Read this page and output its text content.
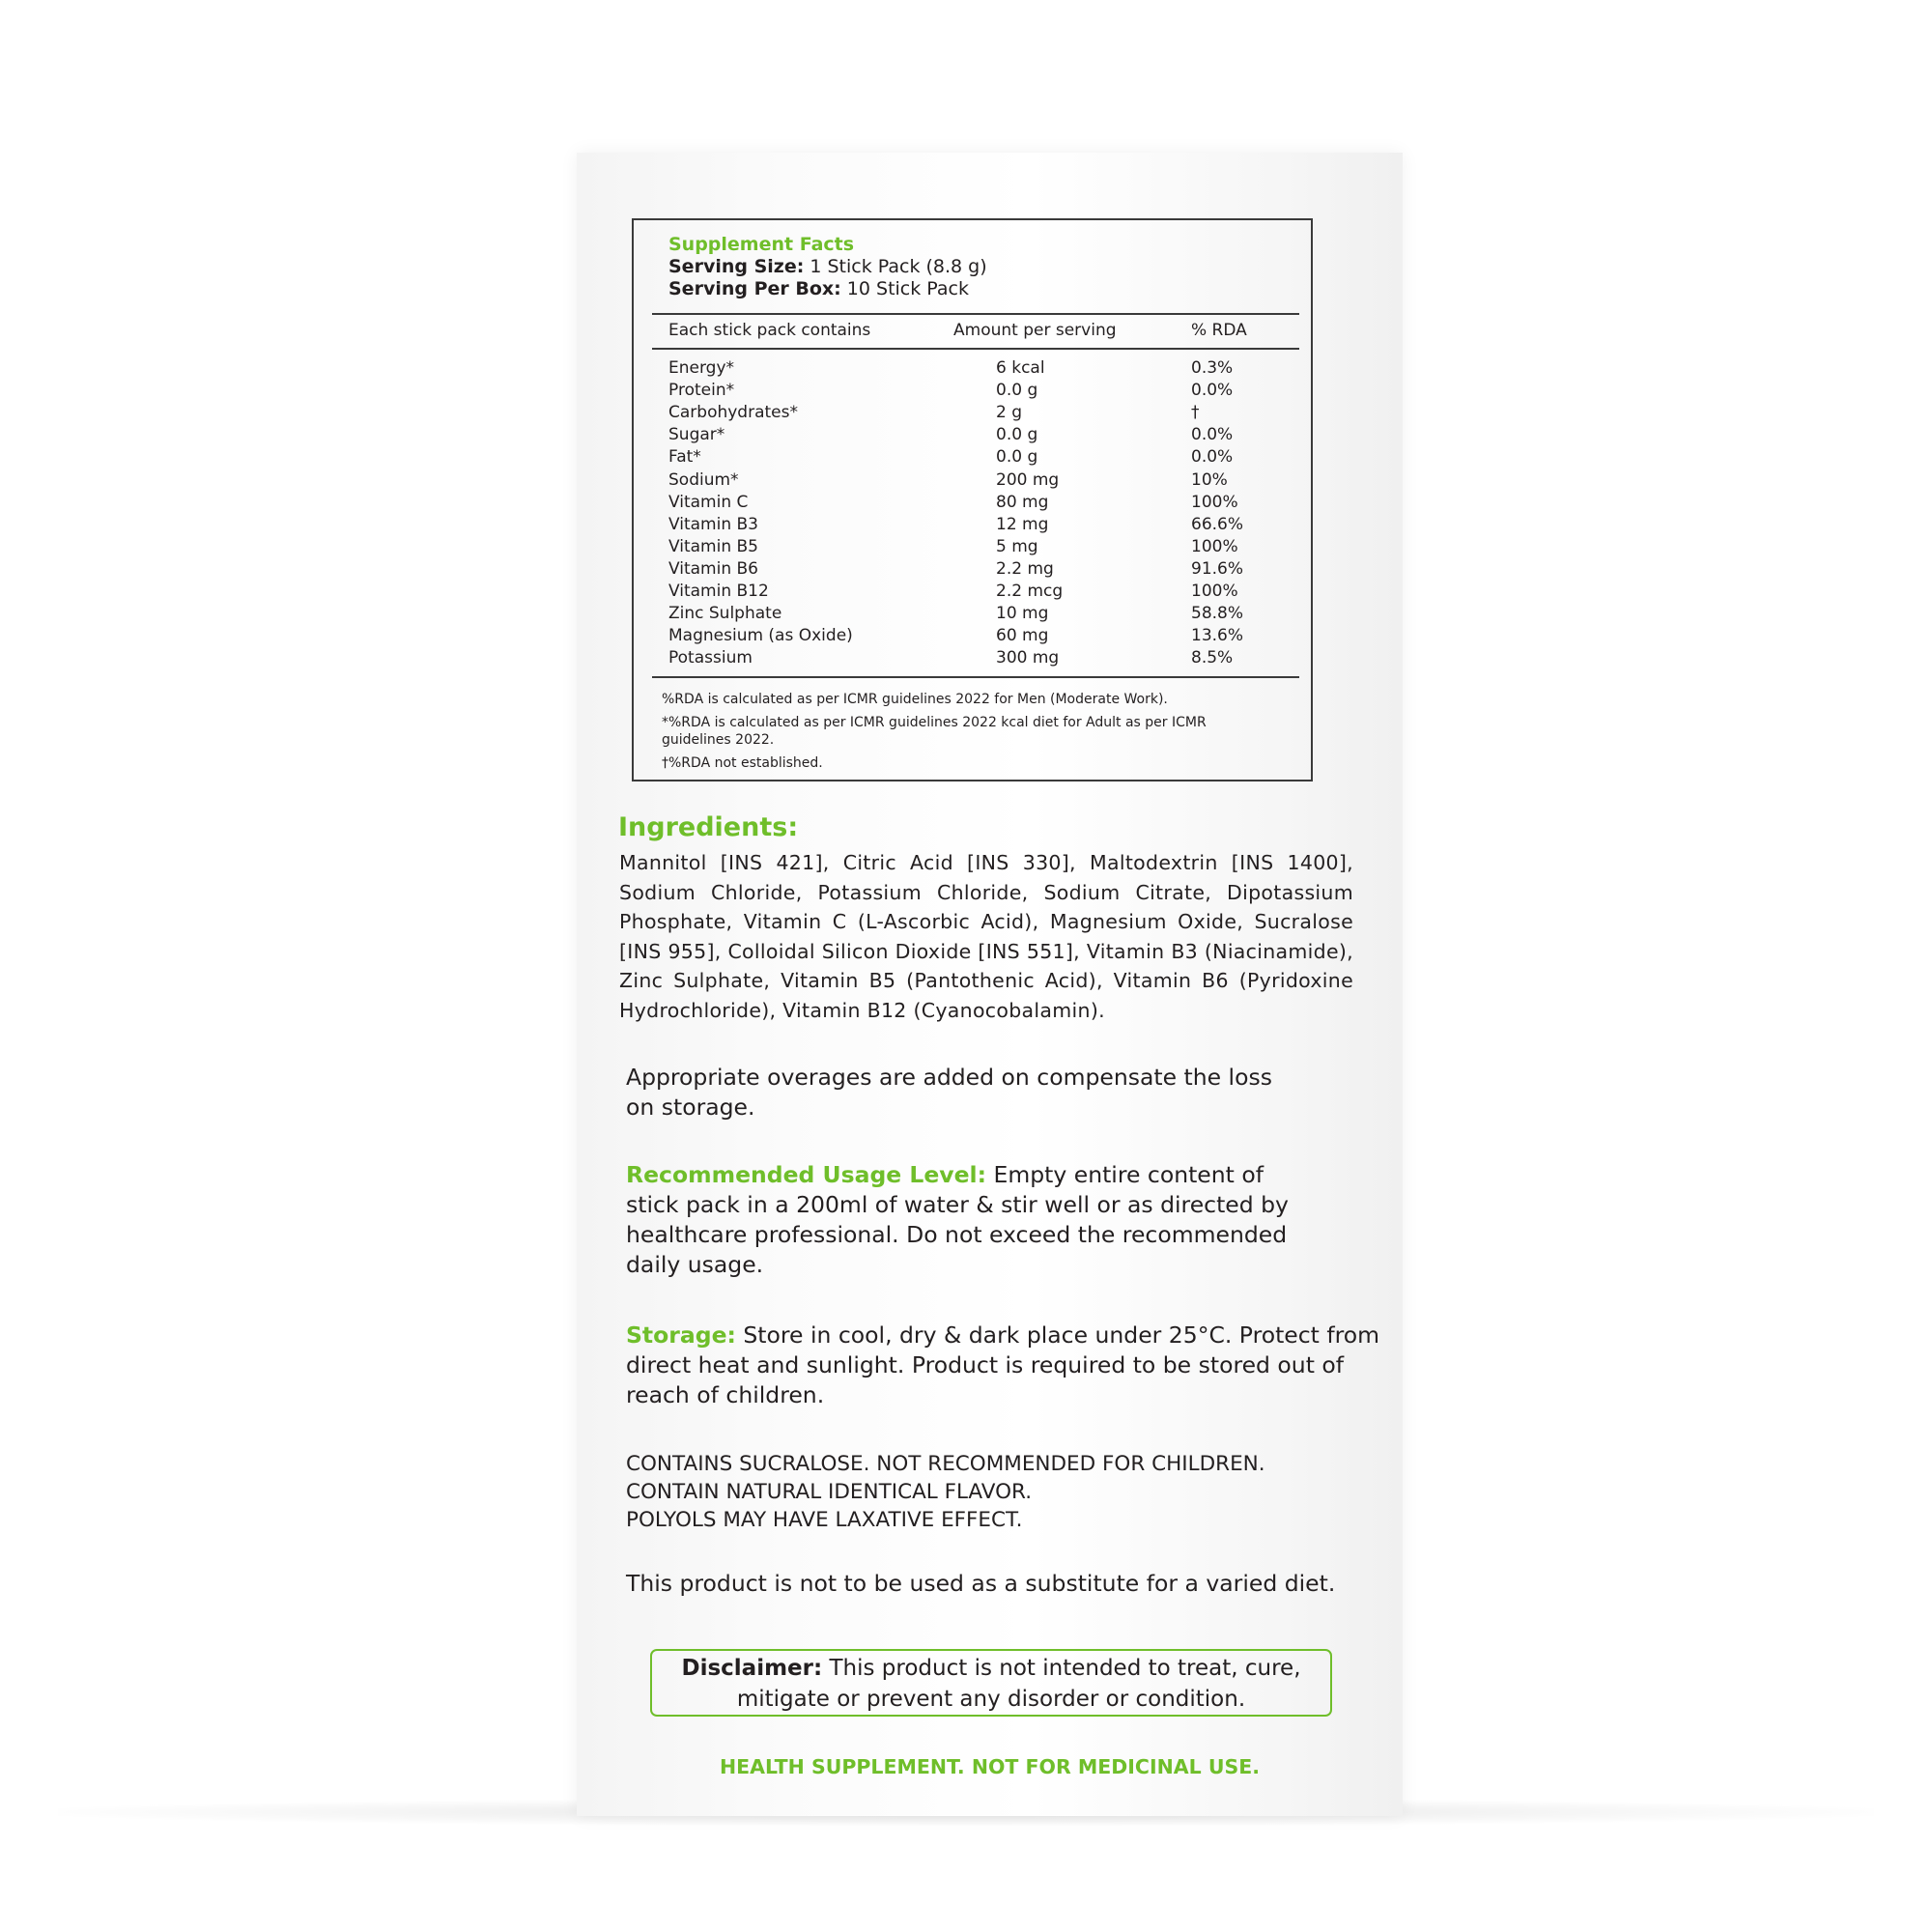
Supplement Facts
Serving Size: 1 Stick Pack (8.8 g)
Serving Per Box: 10 Stick Pack
Each stick pack contains	Amount per serving	% RDA
Energy*	6 kcal	0.3%
Protein*	0.0 g	0.0%
Carbohydrates*	2 g	†
Sugar*	0.0 g	0.0%
Fat*	0.0 g	0.0%
Sodium*	200 mg	10%
Vitamin C	80 mg	100%
Vitamin B3	12 mg	66.6%
Vitamin B5	5 mg	100%
Vitamin B6	2.2 mg	91.6%
Vitamin B12	2.2 mcg	100%
Zinc Sulphate	10 mg	58.8%
Magnesium (as Oxide)	60 mg	13.6%
Potassium	300 mg	8.5%
%RDA is calculated as per ICMR guidelines 2022 for Men (Moderate Work).
*%RDA is calculated as per ICMR guidelines 2022 kcal diet for Adult as per ICMR guidelines 2022.
†%RDA not established.
Ingredients:
Mannitol [INS 421], Citric Acid [INS 330], Maltodextrin [INS 1400], Sodium Chloride, Potassium Chloride, Sodium Citrate, Dipotassium Phosphate, Vitamin C (L-Ascorbic Acid), Magnesium Oxide, Sucralose [INS 955], Colloidal Silicon Dioxide [INS 551], Vitamin B3 (Niacinamide), Zinc Sulphate, Vitamin B5 (Pantothenic Acid), Vitamin B6 (Pyridoxine Hydrochloride), Vitamin B12 (Cyanocobalamin).
Appropriate overages are added on compensate the loss on storage.
Recommended Usage Level: Empty entire content of stick pack in a 200ml of water & stir well or as directed by healthcare professional. Do not exceed the recommended daily usage.
Storage: Store in cool, dry & dark place under 25°C. Protect from direct heat and sunlight. Product is required to be stored out of reach of children.
CONTAINS SUCRALOSE. NOT RECOMMENDED FOR CHILDREN.
CONTAIN NATURAL IDENTICAL FLAVOR.
POLYOLS MAY HAVE LAXATIVE EFFECT.
This product is not to be used as a substitute for a varied diet.
Disclaimer: This product is not intended to treat, cure, mitigate or prevent any disorder or condition.
HEALTH SUPPLEMENT. NOT FOR MEDICINAL USE.
